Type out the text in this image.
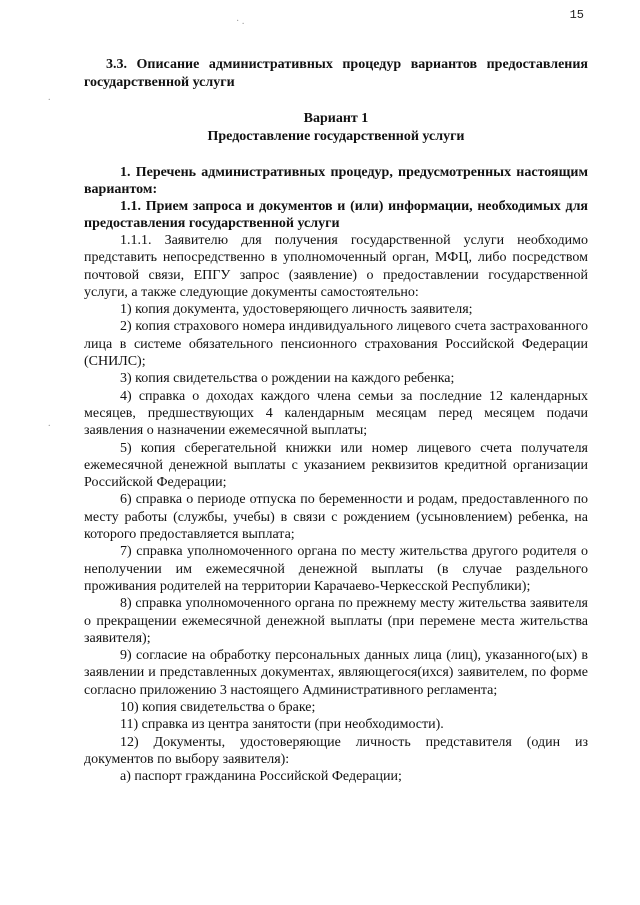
15
· .
.
.

3.3. Описание административных процедур вариантов предоставления государственной услуги

Вариант 1

Предоставление государственной услуги

1. Перечень административных процедур, предусмотренных настоящим вариантом:

1.1. Прием запроса и документов и (или) информации, необходимых для предоставления государственной услуги

1.1.1. Заявителю для получения государственной услуги необходимо представить непосредственно в уполномоченный орган, МФЦ, либо посредством почтовой связи, ЕПГУ запрос (заявление) о предоставлении государственной услуги, а также следующие документы самостоятельно:

1) копия документа, удостоверяющего личность заявителя;

2) копия страхового номера индивидуального лицевого счета застрахованного лица в системе обязательного пенсионного страхования Российской Федерации (СНИЛС);

3) копия свидетельства о рождении на каждого ребенка;

4) справка о доходах каждого члена семьи за последние 12 календарных месяцев, предшествующих 4 календарным месяцам перед месяцем подачи заявления о назначении ежемесячной выплаты;

5) копия сберегательной книжки или номер лицевого счета получателя ежемесячной денежной выплаты с указанием реквизитов кредитной организации Российской Федерации;

6) справка о периоде отпуска по беременности и родам, предоставленного по месту работы (службы, учебы) в связи с рождением (усыновлением) ребенка, на которого предоставляется выплата;

7) справка уполномоченного органа по месту жительства другого родителя о неполучении им ежемесячной денежной выплаты (в случае раздельного проживания родителей на территории Карачаево-Черкесской Республики);

8) справка уполномоченного органа по прежнему месту жительства заявителя о прекращении ежемесячной денежной выплаты (при перемене места жительства заявителя);

9) согласие на обработку персональных данных лица (лиц), указанного(ых) в заявлении и представленных документах, являющегося(ихся) заявителем, по форме согласно приложению 3 настоящего Административного регламента;

10) копия свидетельства о браке;

11) справка из центра занятости (при необходимости).

12) Документы, удостоверяющие личность представителя (один из документов по выбору заявителя):

а) паспорт гражданина Российской Федерации;
